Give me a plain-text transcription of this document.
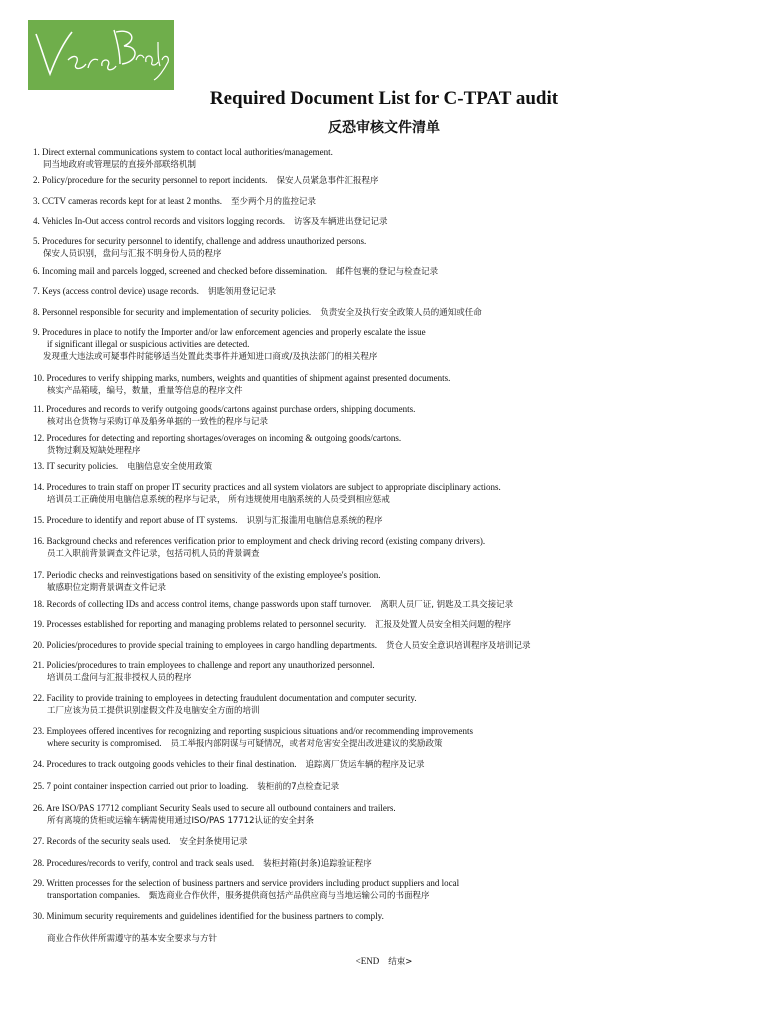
Required Document List for C-TPAT audit
反恐审核文件清单
1. Direct external communications system to contact local authorities/management.
同当地政府或管理层的直接外部联络机制
2. Policy/procedure for the security personnel to report incidents. 保安人员紧急事件汇报程序
3. CCTV cameras records kept for at least 2 months. 至少两个月的监控记录
4. Vehicles In-Out access control records and visitors logging records. 访客及车辆进出登记记录
5. Procedures for security personnel to identify, challenge and address unauthorized persons.
保安人员识别，盘问与汇报不明身份人员的程序
6. Incoming mail and parcels logged, screened and checked before dissemination. 邮件包裹的登记与检查记录
7. Keys (access control device) usage records. 钥匙领用登记记录
8. Personnel responsible for security and implementation of security policies. 负责安全及执行安全政策人员的通知或任命
9. Procedures in place to notify the Importer and/or law enforcement agencies and properly escalate the issue
if significant illegal or suspicious activities are detected.
发现重大违法或可疑事件时能够适当处置此类事件并通知进口商或/及执法部门的相关程序
10. Procedures to verify shipping marks, numbers, weights and quantities of shipment against presented documents.
核实产品箱唛，编号，数量，重量等信息的程序文件
11. Procedures and records to verify outgoing goods/cartons against purchase orders, shipping documents.
核对出仓货物与采购订单及船务单据的一致性的程序与记录
12. Procedures for detecting and reporting shortages/overages on incoming & outgoing goods/cartons.
货物过剩及短缺处理程序
13. IT security policies. 电脑信息安全使用政策
14. Procedures to train staff on proper IT security practices and all system violators are subject to appropriate disciplinary actions.
培训员工正确使用电脑信息系统的程序与记录， 所有违规使用电脑系统的人员受到相应惩戒
15. Procedure to identify and report abuse of IT systems. 识别与汇报滥用电脑信息系统的程序
16. Background checks and references verification prior to employment and check driving record (existing company drivers).
员工入职前背景调查文件记录，包括司机人员的背景调查
17. Periodic checks and reinvestigations based on sensitivity of the existing employee's position.
敏感职位定期背景调查文件记录
18. Records of collecting IDs and access control items, change passwords upon staff turnover. 离职人员厂证, 钥匙及工具交接记录
19. Processes established for reporting and managing problems related to personnel security. 汇报及处置人员安全相关问题的程序
20. Policies/procedures to provide special training to employees in cargo handling departments. 货仓人员安全意识培训程序及培训记录
21. Policies/procedures to train employees to challenge and report any unauthorized personnel.
培训员工盘问与汇报非授权人员的程序
22. Facility to provide training to employees in detecting fraudulent documentation and computer security.
工厂应该为员工提供识别虚假文件及电脑安全方面的培训
23. Employees offered incentives for recognizing and reporting suspicious situations and/or recommending improvements
where security is compromised. 员工举报内部阴谋与可疑情况，或者对危害安全提出改进建议的奖励政策
24. Procedures to track outgoing goods vehicles to their final destination. 追踪离厂货运车辆的程序及记录
25. 7 point container inspection carried out prior to loading. 装柜前的7点检查记录
26. Are ISO/PAS 17712 compliant Security Seals used to secure all outbound containers and trailers.
所有离境的货柜或运输车辆需使用通过ISO/PAS 17712认证的安全封条
27. Records of the security seals used. 安全封条使用记录
28. Procedures/records to verify, control and track seals used. 装柜封箱(封条)追踪验证程序
29. Written processes for the selection of business partners and service providers including product suppliers and local
transportation companies. 甄选商业合作伙伴，服务提供商包括产品供应商与当地运输公司的书面程序
30. Minimum security requirements and guidelines identified for the business partners to comply.
商业合作伙伴所需遵守的基本安全要求与方针
<END 结束>
